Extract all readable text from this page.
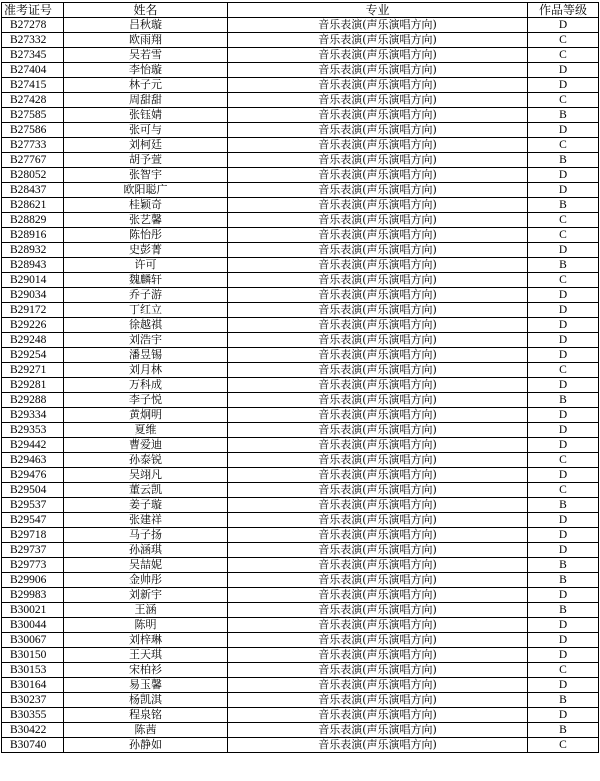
准考证号	姓名	专业	作品等级
B27278	吕秋璇	音乐表演(声乐演唱方向)	D
B27332	欧雨翔	音乐表演(声乐演唱方向)	C
B27345	吴若雪	音乐表演(声乐演唱方向)	C
B27404	李怡璇	音乐表演(声乐演唱方向)	D
B27415	林子元	音乐表演(声乐演唱方向)	D
B27428	周甜甜	音乐表演(声乐演唱方向)	C
B27585	张钰婧	音乐表演(声乐演唱方向)	B
B27586	张可与	音乐表演(声乐演唱方向)	D
B27733	刘柯廷	音乐表演(声乐演唱方向)	C
B27767	胡予萱	音乐表演(声乐演唱方向)	B
B28052	张智宇	音乐表演(声乐演唱方向)	D
B28437	欧阳聪广	音乐表演(声乐演唱方向)	D
B28621	桂颖奇	音乐表演(声乐演唱方向)	B
B28829	张艺馨	音乐表演(声乐演唱方向)	C
B28916	陈怡彤	音乐表演(声乐演唱方向)	C
B28932	史彭菁	音乐表演(声乐演唱方向)	D
B28943	许可	音乐表演(声乐演唱方向)	B
B29014	魏麟轩	音乐表演(声乐演唱方向)	C
B29034	乔子游	音乐表演(声乐演唱方向)	D
B29172	丁红立	音乐表演(声乐演唱方向)	D
B29226	徐越祺	音乐表演(声乐演唱方向)	D
B29248	刘浩宇	音乐表演(声乐演唱方向)	D
B29254	潘昱锡	音乐表演(声乐演唱方向)	D
B29271	刘月林	音乐表演(声乐演唱方向)	C
B29281	万科成	音乐表演(声乐演唱方向)	D
B29288	李子悦	音乐表演(声乐演唱方向)	B
B29334	黄炯明	音乐表演(声乐演唱方向)	D
B29353	夏维	音乐表演(声乐演唱方向)	D
B29442	曹爱迪	音乐表演(声乐演唱方向)	D
B29463	孙泰锐	音乐表演(声乐演唱方向)	C
B29476	吴翊凡	音乐表演(声乐演唱方向)	D
B29504	董云凯	音乐表演(声乐演唱方向)	C
B29537	姜子璇	音乐表演(声乐演唱方向)	B
B29547	张建祥	音乐表演(声乐演唱方向)	D
B29718	马子扬	音乐表演(声乐演唱方向)	D
B29737	孙涵琪	音乐表演(声乐演唱方向)	D
B29773	吴喆妮	音乐表演(声乐演唱方向)	B
B29906	金帅彤	音乐表演(声乐演唱方向)	B
B29983	刘新宇	音乐表演(声乐演唱方向)	D
B30021	王涵	音乐表演(声乐演唱方向)	B
B30044	陈明	音乐表演(声乐演唱方向)	D
B30067	刘梓琳	音乐表演(声乐演唱方向)	D
B30150	王天琪	音乐表演(声乐演唱方向)	D
B30153	宋柏衫	音乐表演(声乐演唱方向)	C
B30164	易玉馨	音乐表演(声乐演唱方向)	D
B30237	杨凯淇	音乐表演(声乐演唱方向)	B
B30355	程泉铭	音乐表演(声乐演唱方向)	D
B30422	陈茜	音乐表演(声乐演唱方向)	B
B30740	孙静如	音乐表演(声乐演唱方向)	C
